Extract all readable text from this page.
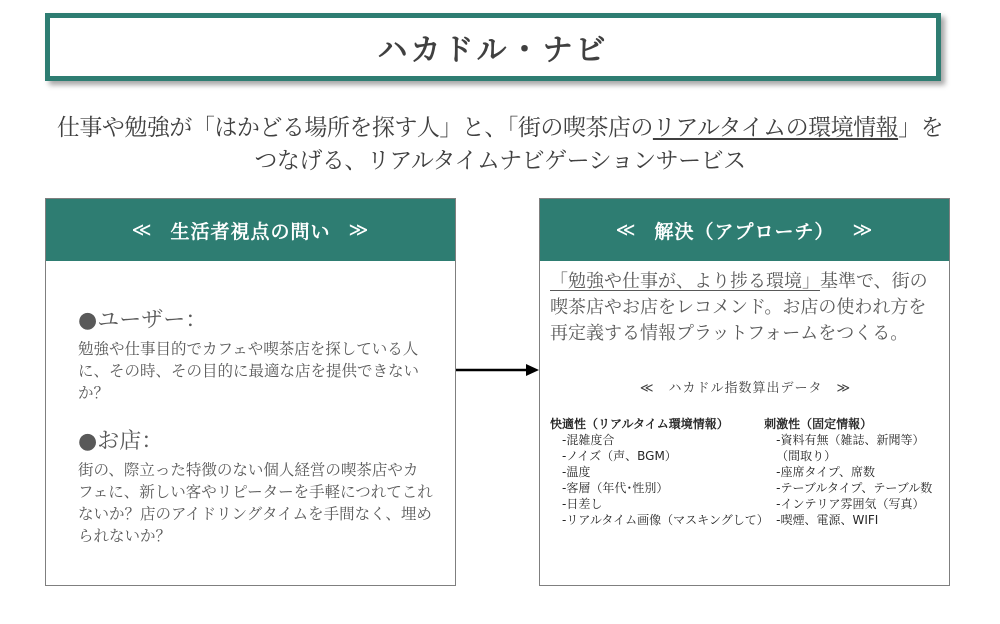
ハカドル・ナビ
仕事や勉強が「はかどる場所を探す人」と、「街の喫茶店のリアルタイムの環境情報」を
つなげる、リアルタイムナビゲーションサービス
≪ 生活者視点の問い ≫
●ユーザー：
勉強や仕事目的でカフェや喫茶店を探している人に、その時、その目的に最適な店を提供できないか？
●お店：
街の、際立った特徴のない個人経営の喫茶店やカフェに、新しい客やリピーターを手軽につれてこれないか？店のアイドリングタイムを手間なく、埋められないか？
≪ 解決（アプローチ） ≫
「勉強や仕事が、より捗る環境」基準で、街の喫茶店やお店をレコメンド。お店の使われ方を再定義する情報プラットフォームをつくる。
≪　ハカドル指数算出データ　≫
快適性（リアルタイム環境情報）
-混雑度合
-ノイズ（声、BGM）
-温度
-客層（年代･性別）
-日差し
-リアルタイム画像（マスキングして）
刺激性（固定情報）
-資料有無（雑誌、新聞等）
（間取り）
-座席タイプ、席数
-テーブルタイプ、テーブル数
-インテリア雰囲気（写真）
-喫煙、電源、WIFI
